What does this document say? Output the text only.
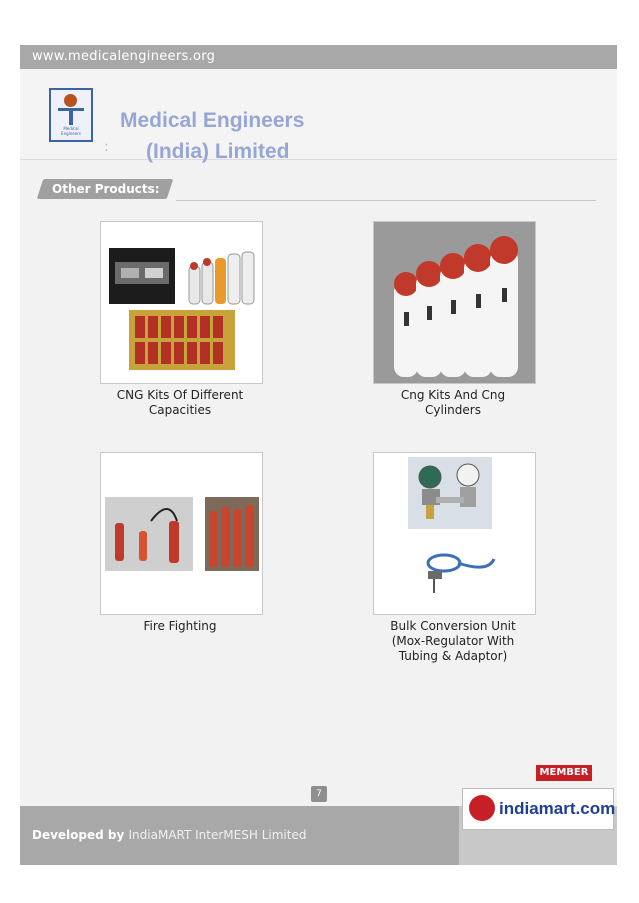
www.medicalengineers.org
Medical Engineers
:

Medical Engineers

(India) Limited

Other Products:

CNG Kits Of Different
Capacities

Cng Kits And Cng
Cylinders

Fire Fighting	Bulk Conversion Unit
(Mox-Regulator With
Tubing & Adaptor)

7
Developed by IndiaMART InterMESH Limited
MEMBER
indiamart.com
